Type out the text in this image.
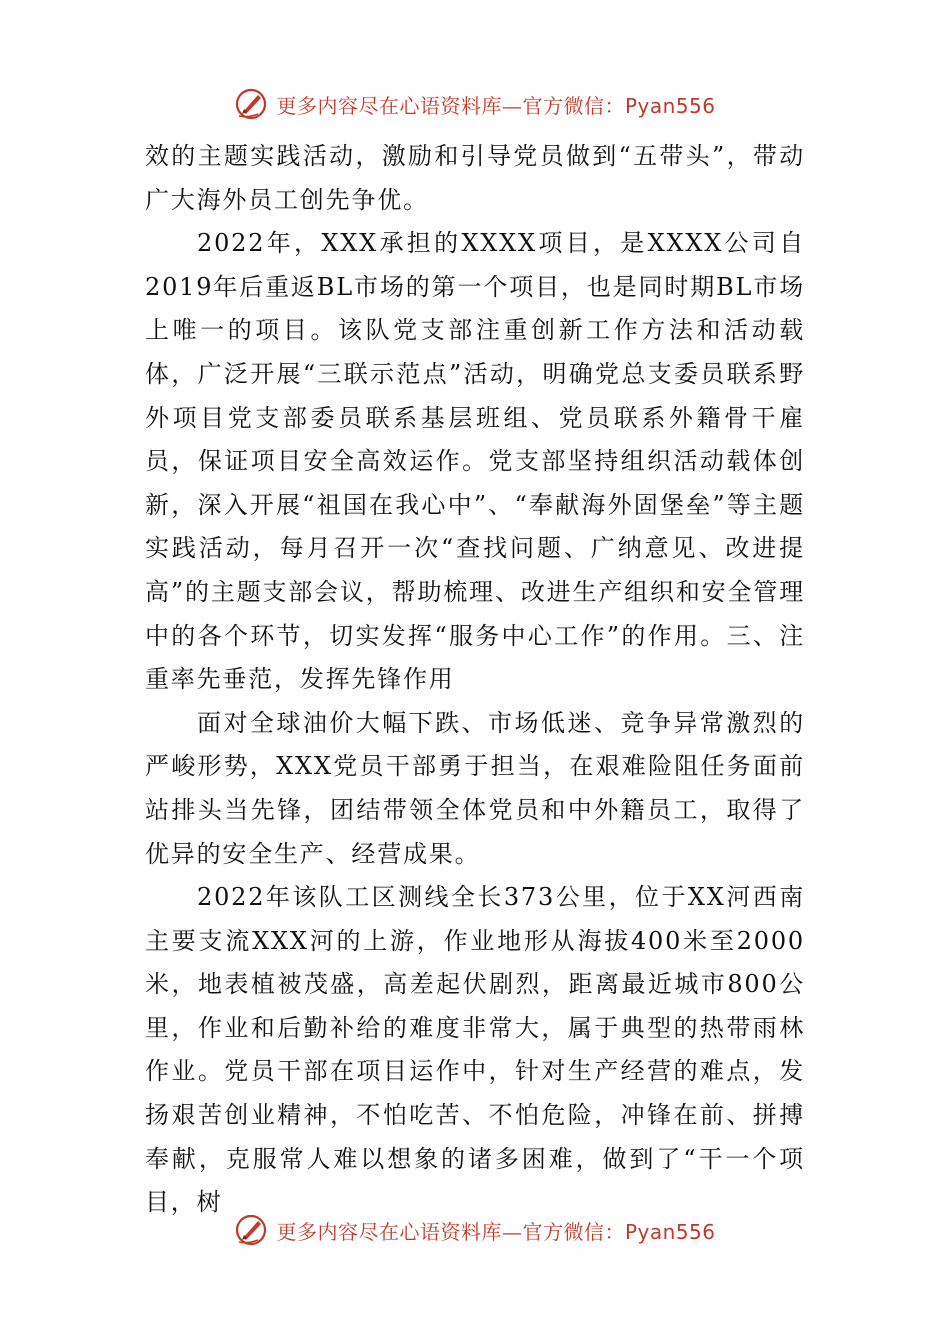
更多内容尽在心语资料库—官方微信：Pyan556

效的主题实践活动，激励和引导党员做到“五带头”，带动广大海外员工创先争优。

2022年，XXX承担的XXXX项目，是XXXX公司自2019年后重返BL市场的第一个项目，也是同时期BL市场上唯一的项目。该队党支部注重创新工作方法和活动载体，广泛开展“三联示范点”活动，明确党总支委员联系野外项目党支部委员联系基层班组、党员联系外籍骨干雇员，保证项目安全高效运作。党支部坚持组织活动载体创新，深入开展“祖国在我心中”、“奉献海外固堡垒”等主题实践活动，每月召开一次“查找问题、广纳意见、改进提高”的主题支部会议，帮助梳理、改进生产组织和安全管理中的各个环节，切实发挥“服务中心工作”的作用。三、注重率先垂范，发挥先锋作用

面对全球油价大幅下跌、市场低迷、竞争异常激烈的严峻形势，XXX党员干部勇于担当，在艰难险阻任务面前站排头当先锋，团结带领全体党员和中外籍员工，取得了优异的安全生产、经营成果。

2022年该队工区测线全长373公里，位于XX河西南主要支流XXX河的上游，作业地形从海拔400米至2000米，地表植被茂盛，高差起伏剧烈，距离最近城市800公里，作业和后勤补给的难度非常大，属于典型的热带雨林作业。党员干部在项目运作中，针对生产经营的难点，发扬艰苦创业精神，不怕吃苦、不怕危险，冲锋在前、拼搏奉献，克服常人难以想象的诸多困难，做到了“干一个项目，树

更多内容尽在心语资料库—官方微信：Pyan556
